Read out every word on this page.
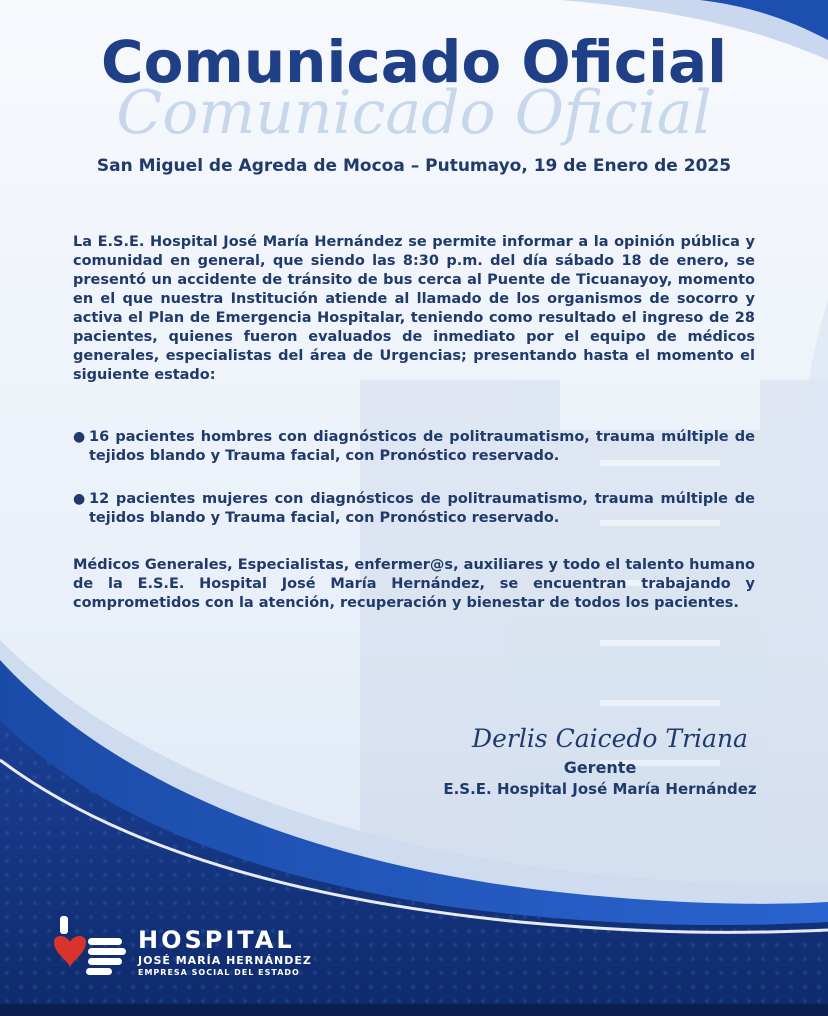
Comunicado Oficial
Comunicado Oficial
San Miguel de Agreda de Mocoa – Putumayo, 19 de Enero de 2025
La E.S.E. Hospital José María Hernández se permite informar a la opinión pública y comunidad en general, que siendo las 8:30 p.m. del día sábado 18 de enero, se presentó un accidente de tránsito de bus cerca al Puente de Ticuanayoy, momento en el que nuestra Institución atiende al llamado de los organismos de socorro y activa el Plan de Emergencia Hospitalar, teniendo como resultado el ingreso de 28 pacientes, quienes fueron evaluados de inmediato por el equipo de médicos generales, especialistas del área de Urgencias; presentando hasta el momento el siguiente estado:
● 16 pacientes hombres con diagnósticos de politraumatismo, trauma múltiple de tejidos blando y Trauma facial, con Pronóstico reservado.
● 12 pacientes mujeres con diagnósticos de politraumatismo, trauma múltiple de tejidos blando y Trauma facial, con Pronóstico reservado.
Médicos Generales, Especialistas, enfermer@s, auxiliares y todo el talento humano de la E.S.E. Hospital José María Hernández, se encuentran trabajando y comprometidos con la atención, recuperación y bienestar de todos los pacientes.
Derlis Caicedo Triana
Gerente
E.S.E. Hospital José María Hernández
HOSPITAL
JOSÉ MARÍA HERNÁNDEZ
EMPRESA SOCIAL DEL ESTADO
